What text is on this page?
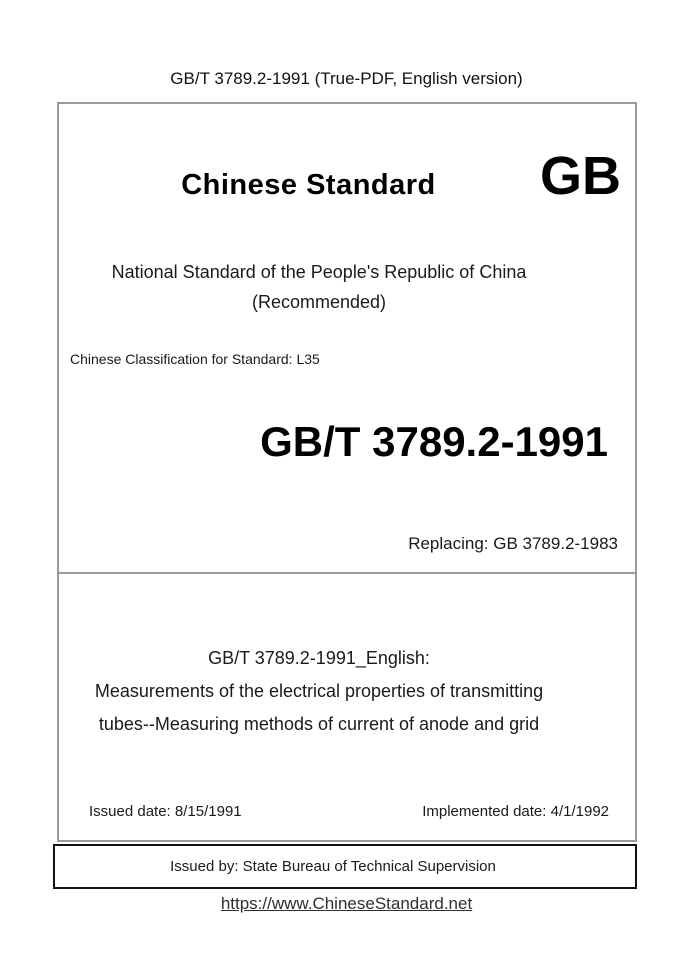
GB/T 3789.2-1991 (True-PDF, English version)
Chinese Standard	GB
National Standard of the People's Republic of China
(Recommended)
Chinese Classification for Standard: L35
GB/T 3789.2-1991
Replacing: GB 3789.2-1983
GB/T 3789.2-1991_English:
Measurements of the electrical properties of transmitting
tubes--Measuring methods of current of anode and grid
Issued date: 8/15/1991	Implemented date: 4/1/1992
Issued by: State Bureau of Technical Supervision
https://www.ChineseStandard.net
